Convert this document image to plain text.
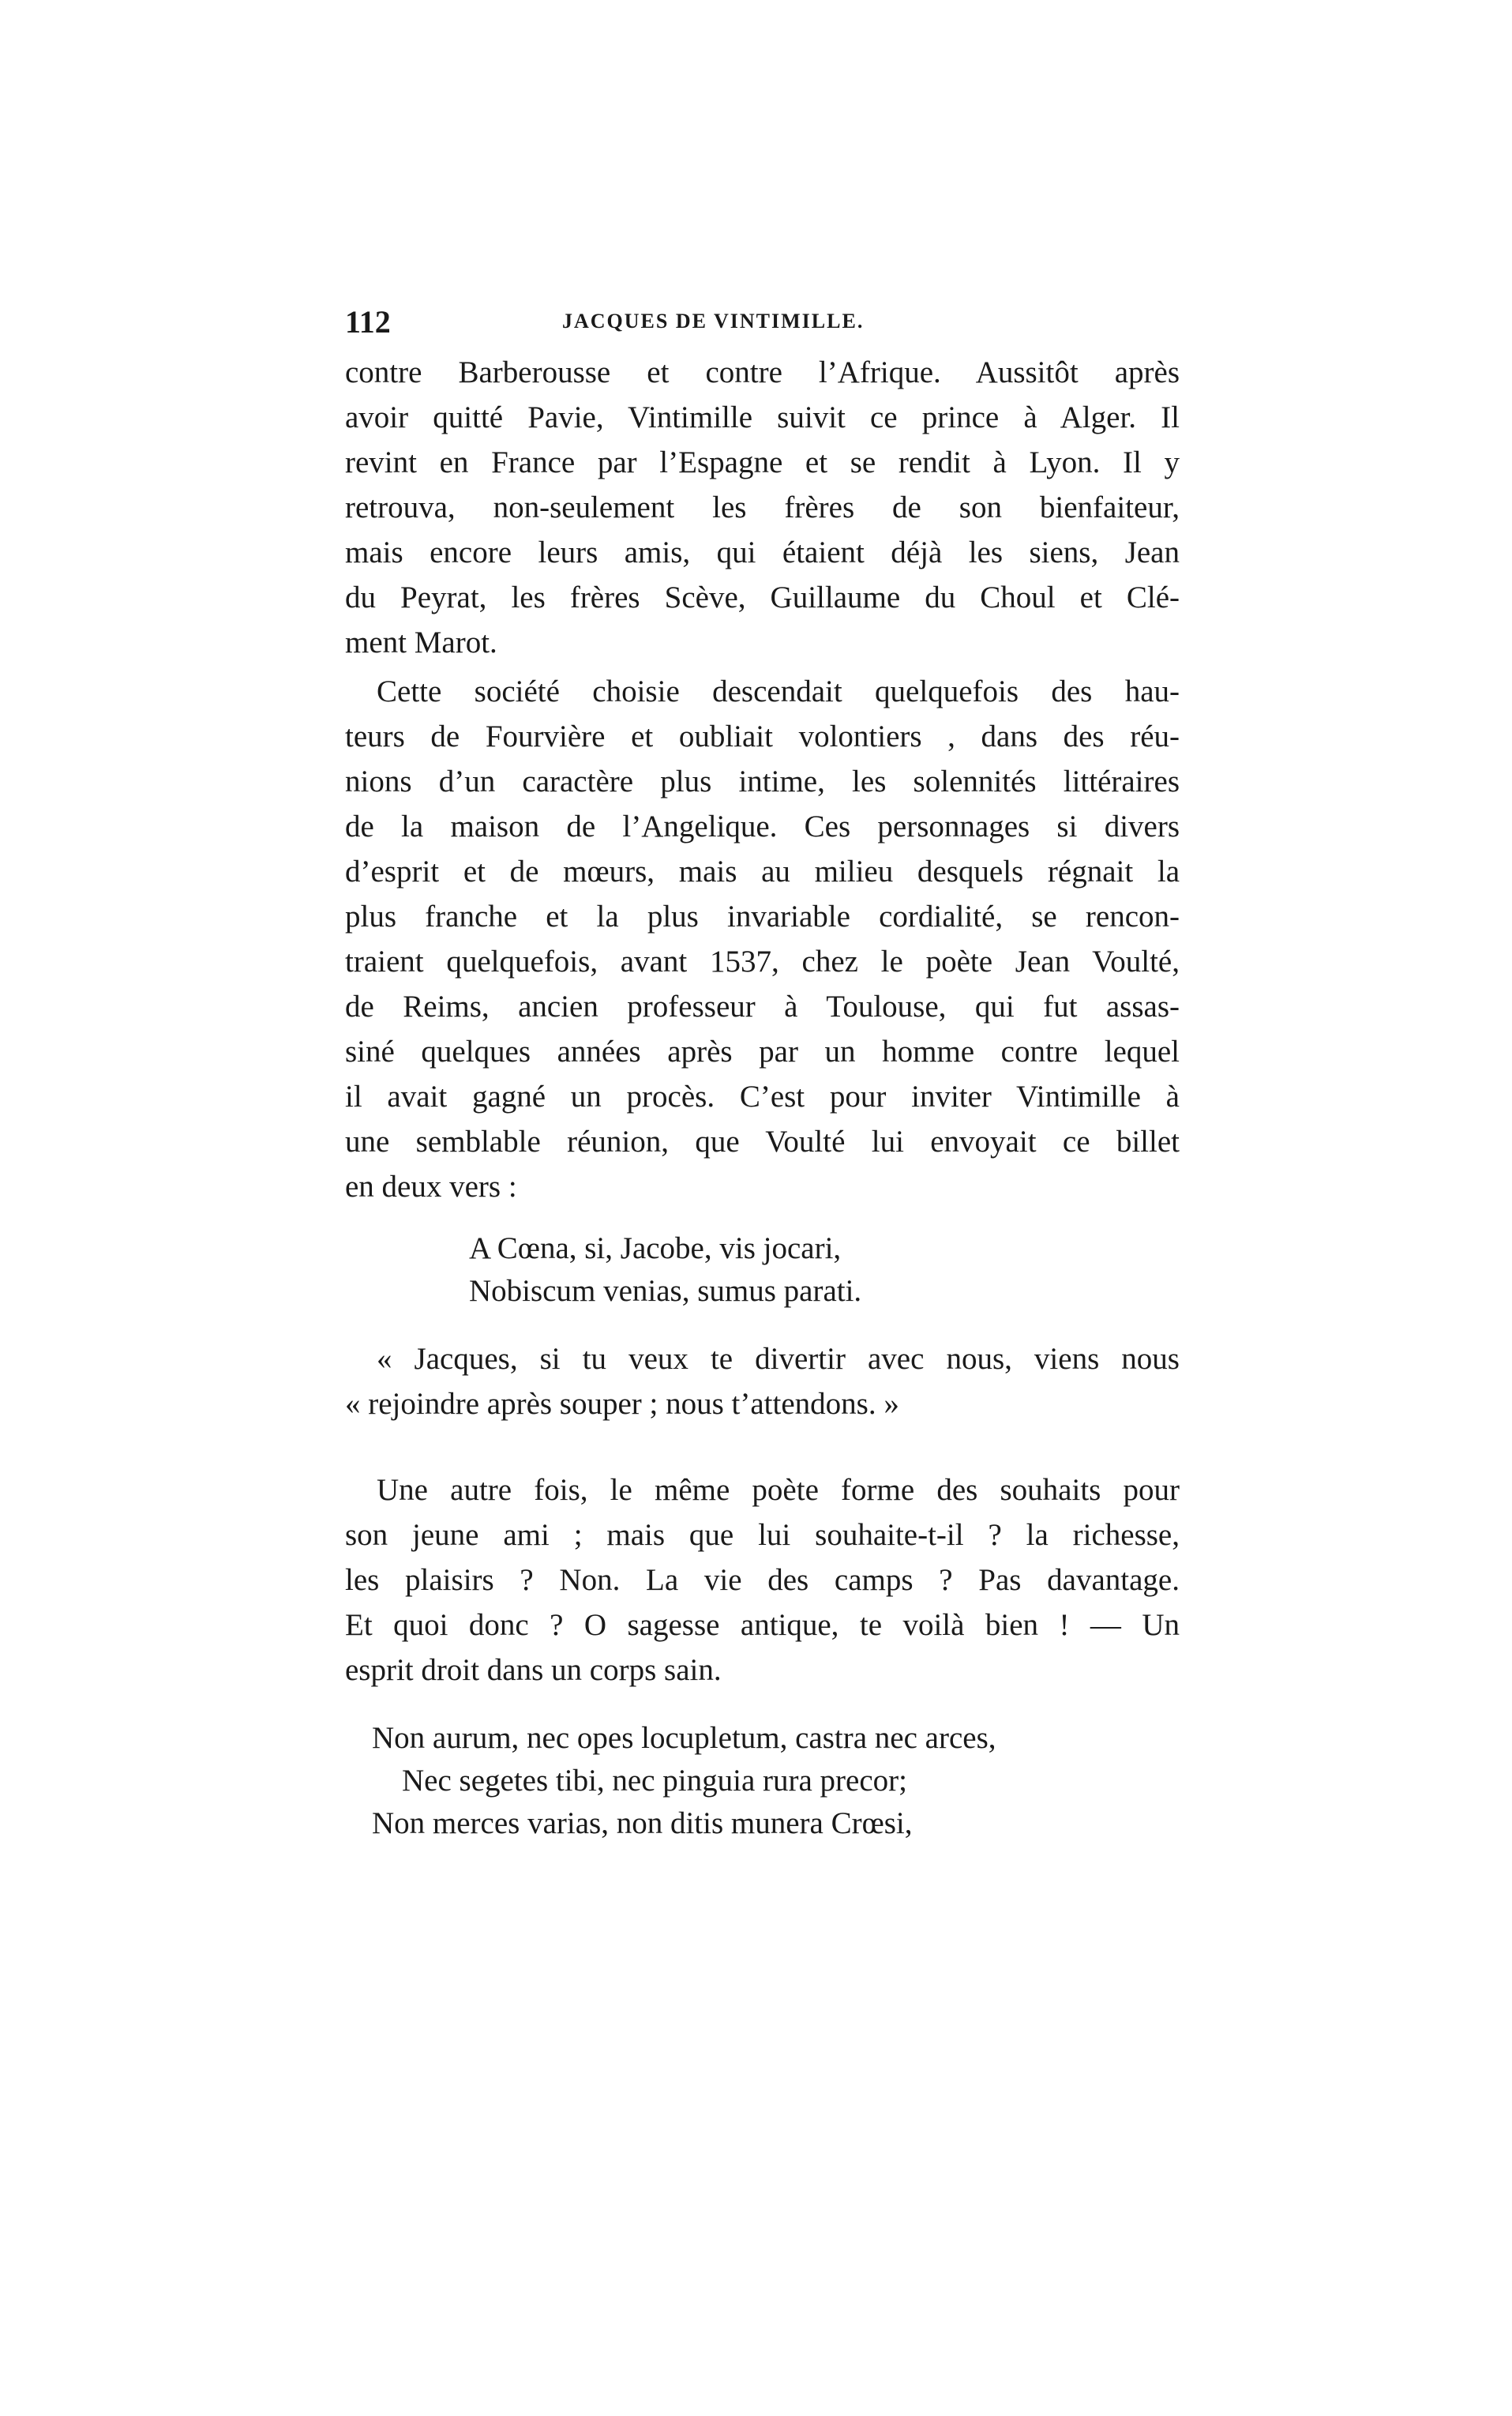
112	JACQUES DE VINTIMILLE.
contre Barberousse et contre l’Afrique. Aussitôt après
avoir quitté Pavie, Vintimille suivit ce prince à Alger. Il
revint en France par l’Espagne et se rendit à Lyon. Il y
retrouva, non-seulement les frères de son bienfaiteur,
mais encore leurs amis, qui étaient déjà les siens, Jean
du Peyrat, les frères Scève, Guillaume du Choul et Clé-
ment Marot.
Cette société choisie descendait quelquefois des hau-
teurs de Fourvière et oubliait volontiers , dans des réu-
nions d’un caractère plus intime, les solennités littéraires
de la maison de l’Angelique. Ces personnages si divers
d’esprit et de mœurs, mais au milieu desquels régnait la
plus franche et la plus invariable cordialité, se rencon-
traient quelquefois, avant 1537, chez le poète Jean Voulté,
de Reims, ancien professeur à Toulouse, qui fut assas-
siné quelques années après par un homme contre lequel
il avait gagné un procès. C’est pour inviter Vintimille à
une semblable réunion, que Voulté lui envoyait ce billet
en deux vers :
A Cœna, si, Jacobe, vis jocari,
Nobiscum venias, sumus parati.
« Jacques, si tu veux te divertir avec nous, viens nous
« rejoindre après souper ; nous t’attendons. »
Une autre fois, le même poète forme des souhaits pour
son jeune ami ; mais que lui souhaite-t-il ? la richesse,
les plaisirs ? Non. La vie des camps ? Pas davantage.
Et quoi donc ? O sagesse antique, te voilà bien ! — Un
esprit droit dans un corps sain.
Non aurum, nec opes locupletum, castra nec arces,
Nec segetes tibi, nec pinguia rura precor;
Non merces varias, non ditis munera Crœsi,
